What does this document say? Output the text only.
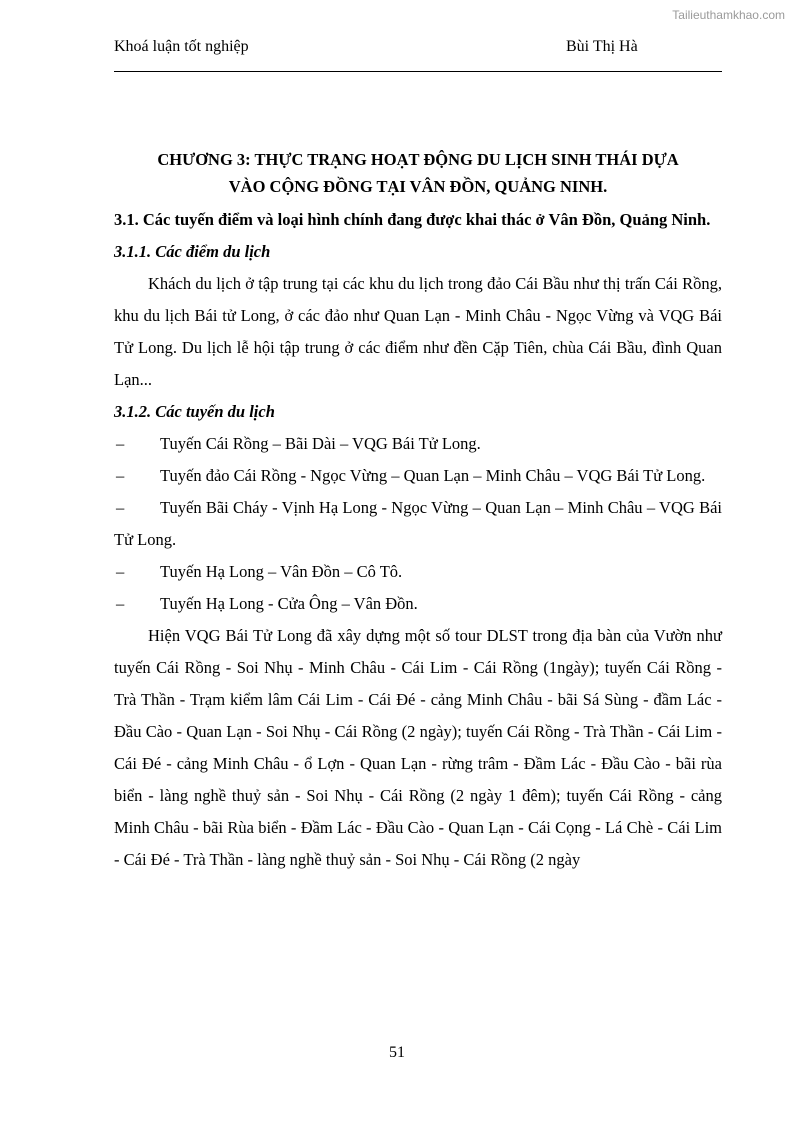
Tailieuthamkhao.com
Khoá luận tốt nghiệp	Bùi Thị Hà
CHƯƠNG 3: THỰC TRẠNG HOẠT ĐỘNG DU LỊCH SINH THÁI DỰA
VÀO CỘNG ĐỒNG TẠI VÂN ĐỒN, QUẢNG NINH.
3.1. Các tuyến điểm và loại hình chính đang được khai thác ở Vân Đồn, Quảng Ninh.
3.1.1. Các điểm du lịch

Khách du lịch ở tập trung tại các khu du lịch trong đảo Cái Bầu như thị trấn Cái Rồng, khu du lịch Bái tử Long, ở các đảo như Quan Lạn - Minh Châu - Ngọc Vừng và VQG Bái Tử Long. Du lịch lễ hội tập trung ở các điểm như đền Cặp Tiên, chùa Cái Bầu, đình Quan Lạn...

3.1.2. Các tuyến du lịch
– Tuyến Cái Rồng – Bãi Dài – VQG Bái Tử Long.
– Tuyến đảo Cái Rồng - Ngọc Vừng – Quan Lạn – Minh Châu – VQG Bái Tử Long.
– Tuyến Bãi Cháy - Vịnh Hạ Long - Ngọc Vừng – Quan Lạn – Minh Châu – VQG Bái Tử Long.
– Tuyến Hạ Long – Vân Đồn – Cô Tô.
– Tuyến Hạ Long - Cửa Ông – Vân Đồn.

Hiện VQG Bái Tử Long đã xây dựng một số tour DLST trong địa bàn của Vườn như tuyến Cái Rồng - Soi Nhụ - Minh Châu - Cái Lim - Cái Rồng (1ngày); tuyến Cái Rồng - Trà Thần - Trạm kiểm lâm Cái Lim - Cái Đé - cảng Minh Châu - bãi Sá Sùng - đầm Lác - Đầu Cào - Quan Lạn - Soi Nhụ - Cái Rồng (2 ngày); tuyến Cái Rồng - Trà Thần - Cái Lim - Cái Đé - cảng Minh Châu - ổ Lợn - Quan Lạn - rừng trâm - Đầm Lác - Đầu Cào - bãi rùa biển - làng nghề thuỷ sản - Soi Nhụ - Cái Rồng (2 ngày 1 đêm); tuyến Cái Rồng - cảng Minh Châu - bãi Rùa biển - Đầm Lác - Đầu Cào - Quan Lạn - Cái Cọng - Lá Chè - Cái Lim - Cái Đé - Trà Thần - làng nghề thuỷ sản - Soi Nhụ - Cái Rồng (2 ngày

51
